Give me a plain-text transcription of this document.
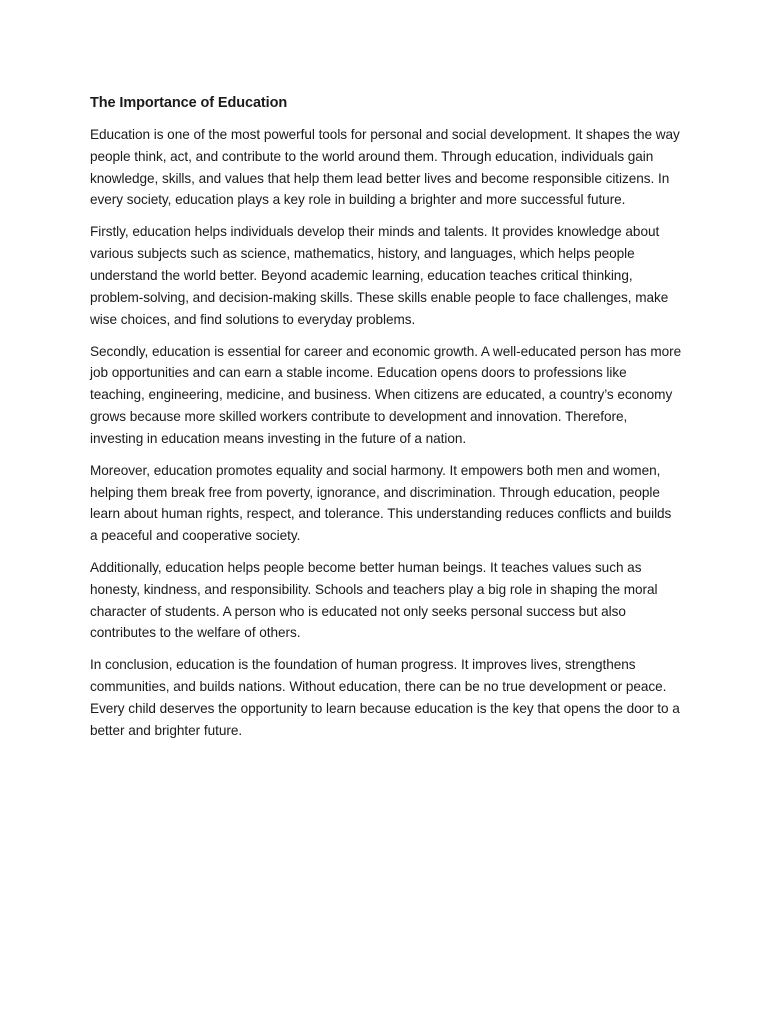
The Importance of Education

Education is one of the most powerful tools for personal and social development. It shapes the way people think, act, and contribute to the world around them. Through education, individuals gain knowledge, skills, and values that help them lead better lives and become responsible citizens. In every society, education plays a key role in building a brighter and more successful future.

Firstly, education helps individuals develop their minds and talents. It provides knowledge about various subjects such as science, mathematics, history, and languages, which helps people understand the world better. Beyond academic learning, education teaches critical thinking, problem-solving, and decision-making skills. These skills enable people to face challenges, make wise choices, and find solutions to everyday problems.

Secondly, education is essential for career and economic growth. A well-educated person has more job opportunities and can earn a stable income. Education opens doors to professions like teaching, engineering, medicine, and business. When citizens are educated, a country’s economy grows because more skilled workers contribute to development and innovation. Therefore, investing in education means investing in the future of a nation.

Moreover, education promotes equality and social harmony. It empowers both men and women, helping them break free from poverty, ignorance, and discrimination. Through education, people learn about human rights, respect, and tolerance. This understanding reduces conflicts and builds a peaceful and cooperative society.

Additionally, education helps people become better human beings. It teaches values such as honesty, kindness, and responsibility. Schools and teachers play a big role in shaping the moral character of students. A person who is educated not only seeks personal success but also contributes to the welfare of others.

In conclusion, education is the foundation of human progress. It improves lives, strengthens communities, and builds nations. Without education, there can be no true development or peace. Every child deserves the opportunity to learn because education is the key that opens the door to a better and brighter future.
